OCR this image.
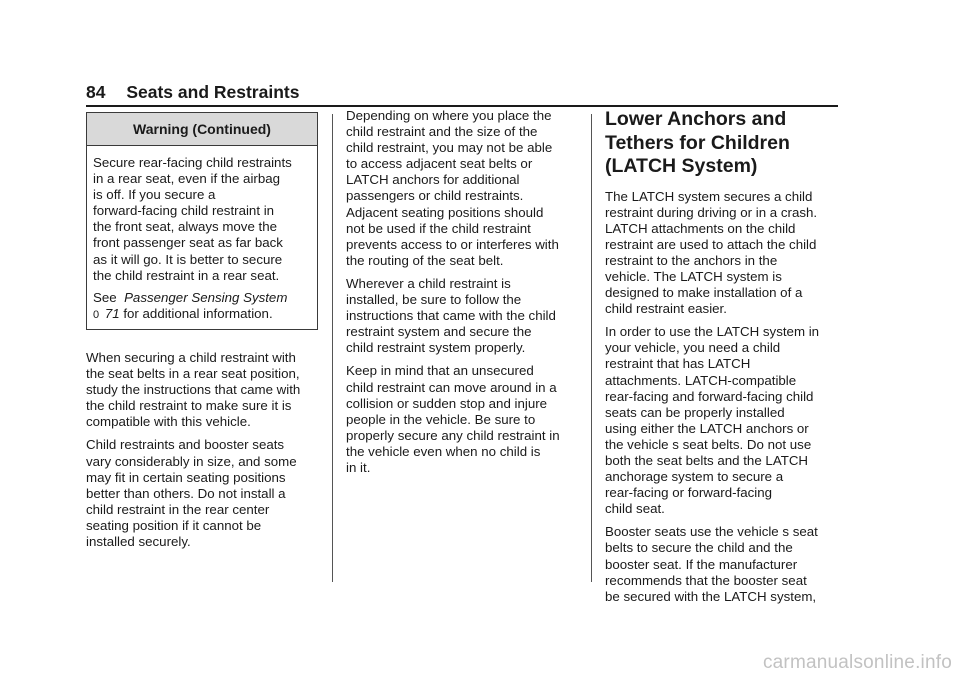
84 Seats and Restraints
Warning (Continued)

Secure rear-facing child restraints
in a rear seat, even if the airbag
is off. If you secure a
forward-facing child restraint in
the front seat, always move the
front passenger seat as far back
as it will go. It is better to secure
the child restraint in a rear seat.

See Passenger Sensing System
0 71 for additional information.

When securing a child restraint with
the seat belts in a rear seat position,
study the instructions that came with
the child restraint to make sure it is
compatible with this vehicle.

Child restraints and booster seats
vary considerably in size, and some
may fit in certain seating positions
better than others. Do not install a
child restraint in the rear center
seating position if it cannot be
installed securely.

Depending on where you place the
child restraint and the size of the
child restraint, you may not be able
to access adjacent seat belts or
LATCH anchors for additional
passengers or child restraints.
Adjacent seating positions should
not be used if the child restraint
prevents access to or interferes with
the routing of the seat belt.

Wherever a child restraint is
installed, be sure to follow the
instructions that came with the child
restraint system and secure the
child restraint system properly.

Keep in mind that an unsecured
child restraint can move around in a
collision or sudden stop and injure
people in the vehicle. Be sure to
properly secure any child restraint in
the vehicle even when no child is
in it.

Lower Anchors and
Tethers for Children
(LATCH System)

The LATCH system secures a child
restraint during driving or in a crash.
LATCH attachments on the child
restraint are used to attach the child
restraint to the anchors in the
vehicle. The LATCH system is
designed to make installation of a
child restraint easier.

In order to use the LATCH system in
your vehicle, you need a child
restraint that has LATCH
attachments. LATCH-compatible
rear-facing and forward-facing child
seats can be properly installed
using either the LATCH anchors or
the vehicle s seat belts. Do not use
both the seat belts and the LATCH
anchorage system to secure a
rear-facing or forward-facing
child seat.

Booster seats use the vehicle s seat
belts to secure the child and the
booster seat. If the manufacturer
recommends that the booster seat
be secured with the LATCH system,

carmanualsonline.info
